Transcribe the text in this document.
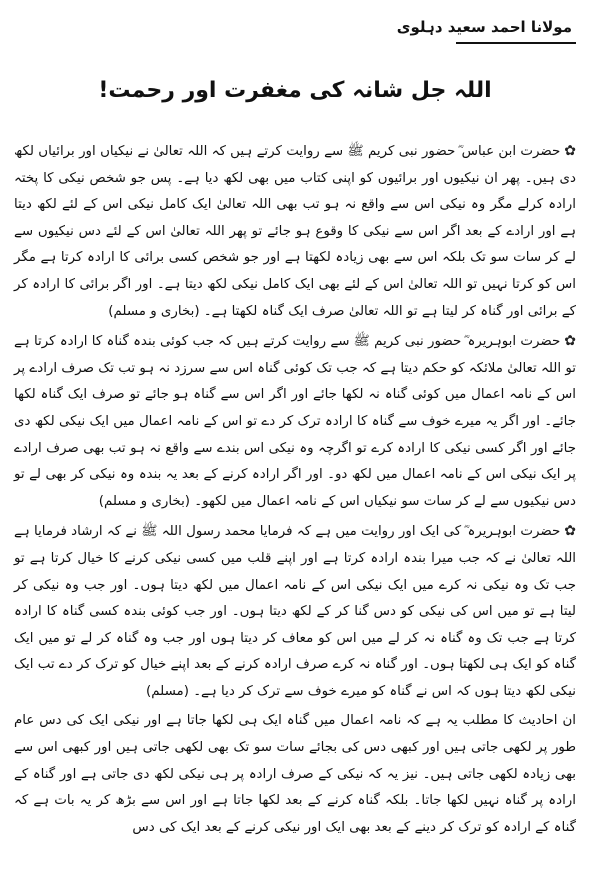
مولانا احمد سعید دہلوی
اللہ جل شانہ کی مغفرت اور رحمت!

✿حضرت ابن عباس ؓ حضور نبی کریم ﷺ سے روایت کرتے ہیں کہ اللہ تعالیٰ نے نیکیاں اور برائیاں لکھ دی ہیں۔ پھر ان نیکیوں اور برائیوں کو اپنی کتاب میں بھی لکھ دیا ہے۔ پس جو شخص نیکی کا پختہ ارادہ کرلے مگر وہ نیکی اس سے واقع نہ ہو تب بھی اللہ تعالیٰ ایک کامل نیکی اس کے لئے لکھ دیتا ہے اور ارادے کے بعد اگر اس سے نیکی کا وقوع ہو جائے تو پھر اللہ تعالیٰ اس کے لئے دس نیکیوں سے لے کر سات سو تک بلکہ اس سے بھی زیادہ لکھتا ہے اور جو شخص کسی برائی کا ارادہ کرتا ہے مگر اس کو کرتا نہیں تو اللہ تعالیٰ اس کے لئے بھی ایک کامل نیکی لکھ دیتا ہے۔ اور اگر برائی کا ارادہ کر کے برائی اور گناہ کر لیتا ہے تو اللہ تعالیٰ صرف ایک گناہ لکھتا ہے۔ (بخاری و مسلم)

✿حضرت ابوہریرہ ؓ حضور نبی کریم ﷺ سے روایت کرتے ہیں کہ جب کوئی بندہ گناہ کا ارادہ کرتا ہے تو اللہ تعالیٰ ملائکہ کو حکم دیتا ہے کہ جب تک کوئی گناہ اس سے سرزد نہ ہو تب تک صرف ارادے پر اس کے نامہ اعمال میں کوئی گناہ نہ لکھا جائے اور اگر اس سے گناہ ہو جائے تو صرف ایک گناہ لکھا جائے۔ اور اگر یہ میرے خوف سے گناہ کا ارادہ ترک کر دے تو اس کے نامہ اعمال میں ایک نیکی لکھ دی جائے اور اگر کسی نیکی کا ارادہ کرے تو اگرچہ وہ نیکی اس بندے سے واقع نہ ہو تب بھی صرف ارادے پر ایک نیکی اس کے نامہ اعمال میں لکھ دو۔ اور اگر ارادہ کرنے کے بعد یہ بندہ وہ نیکی کر بھی لے تو دس نیکیوں سے لے کر سات سو نیکیاں اس کے نامہ اعمال میں لکھو۔ (بخاری و مسلم)

✿حضرت ابوہریرہ ؓ کی ایک اور روایت میں ہے کہ فرمایا محمد رسول اللہ ﷺ نے کہ ارشاد فرمایا ہے اللہ تعالیٰ نے کہ جب میرا بندہ ارادہ کرتا ہے اور اپنے قلب میں کسی نیکی کرنے کا خیال کرتا ہے تو جب تک وہ نیکی نہ کرے میں ایک نیکی اس کے نامہ اعمال میں لکھ دیتا ہوں۔ اور جب وہ نیکی کر لیتا ہے تو میں اس کی نیکی کو دس گنا کر کے لکھ دیتا ہوں۔ اور جب کوئی بندہ کسی گناہ کا ارادہ کرتا ہے جب تک وہ گناہ نہ کر لے میں اس کو معاف کر دیتا ہوں اور جب وہ گناہ کر لے تو میں ایک گناہ کو ایک ہی لکھتا ہوں۔ اور گناہ نہ کرے صرف ارادہ کرنے کے بعد اپنے خیال کو ترک کر دے تب ایک نیکی لکھ دیتا ہوں کہ اس نے گناہ کو میرے خوف سے ترک کر دیا ہے۔ (مسلم)

ان احادیث کا مطلب یہ ہے کہ نامہ اعمال میں گناہ ایک ہی لکھا جاتا ہے اور نیکی ایک کی دس عام طور پر لکھی جاتی ہیں اور کبھی دس کی بجائے سات سو تک بھی لکھی جاتی ہیں اور کبھی اس سے بھی زیادہ لکھی جاتی ہیں۔ نیز یہ کہ نیکی کے صرف ارادہ پر ہی نیکی لکھ دی جاتی ہے اور گناہ کے ارادہ پر گناہ نہیں لکھا جاتا۔ بلکہ گناہ کرنے کے بعد لکھا جاتا ہے اور اس سے بڑھ کر یہ بات ہے کہ گناہ کے ارادہ کو ترک کر دینے کے بعد بھی ایک اور نیکی کرنے کے بعد ایک کی دس
